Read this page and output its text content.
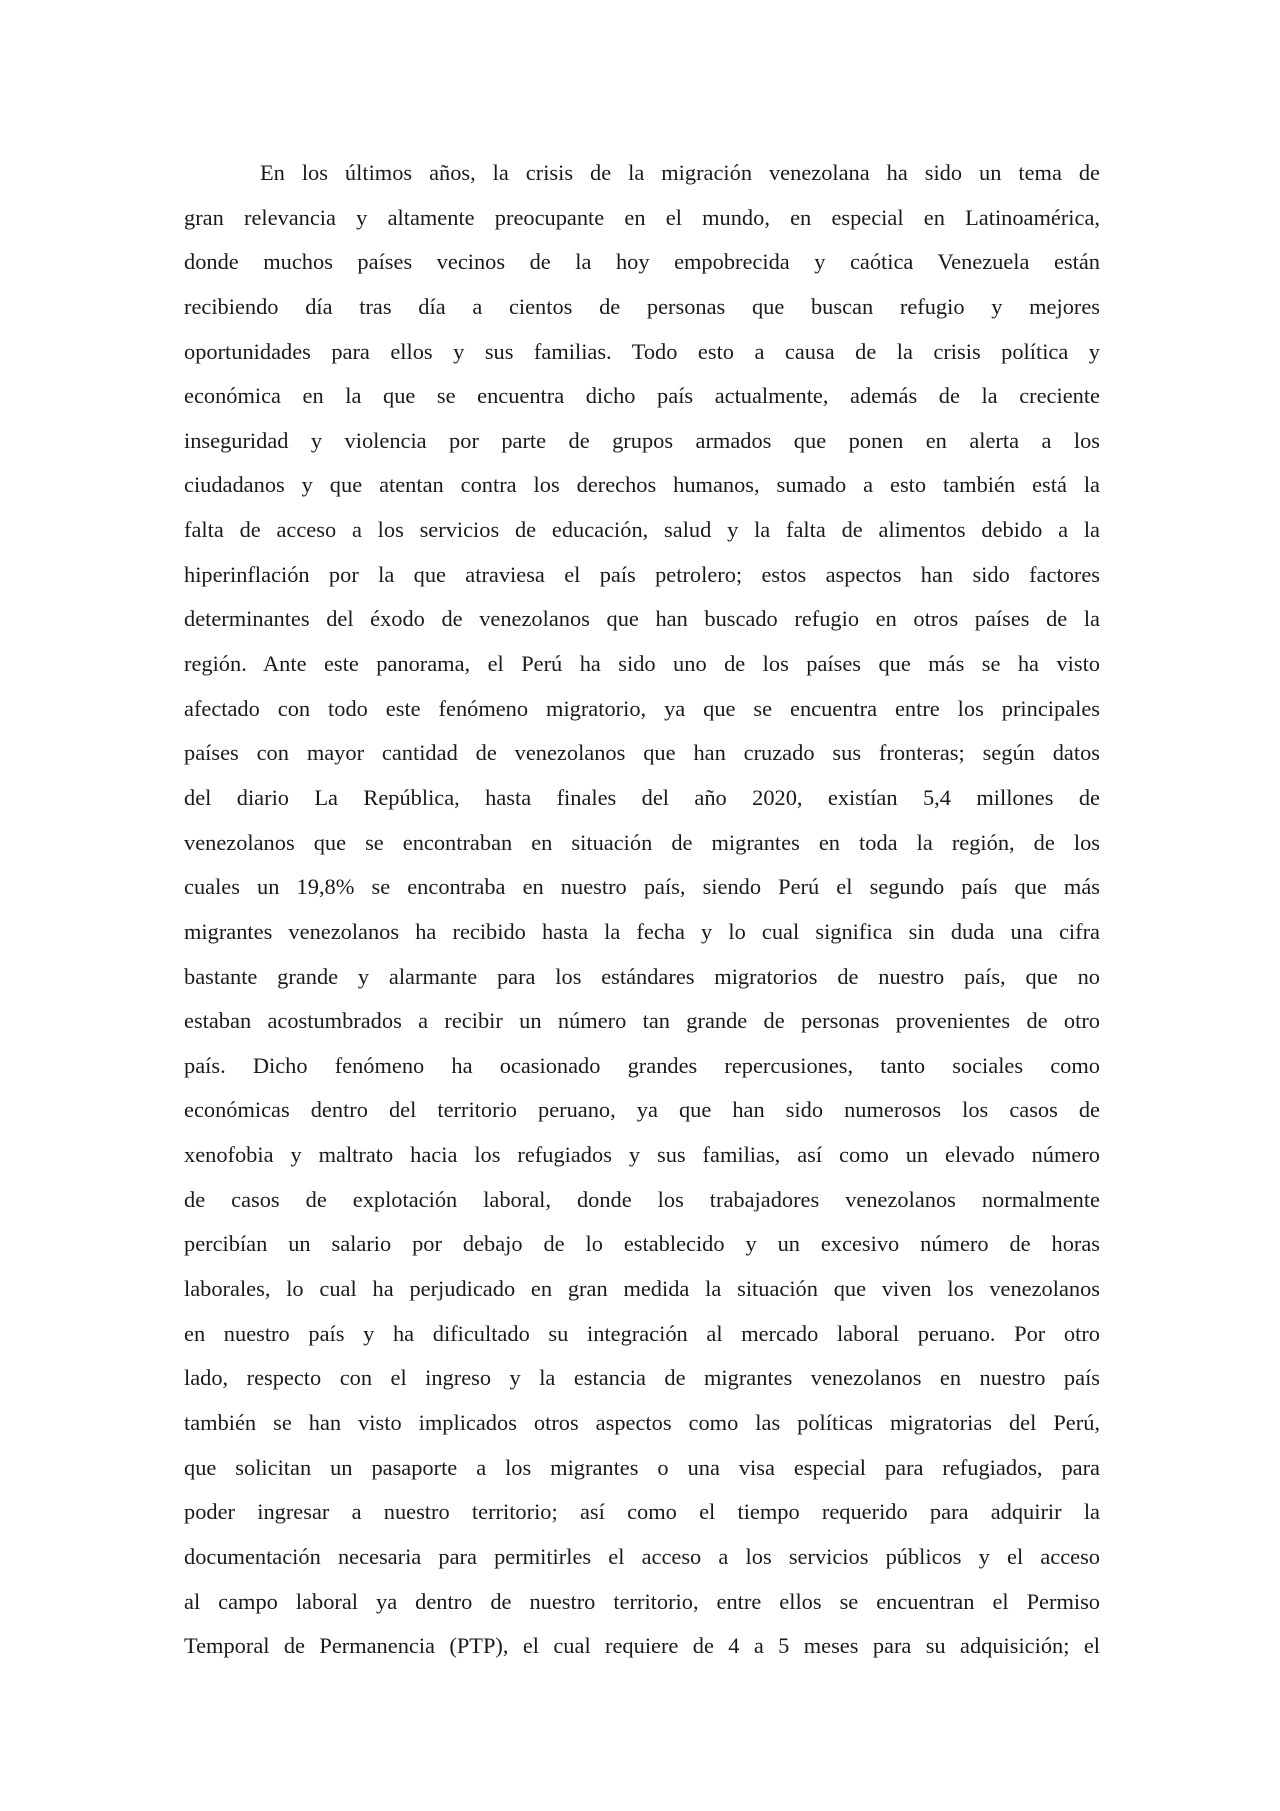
En los últimos años, la crisis de la migración venezolana ha sido un tema de
gran relevancia y altamente preocupante en el mundo, en especial en Latinoamérica,
donde muchos países vecinos de la hoy empobrecida y caótica Venezuela están
recibiendo día tras día a cientos de personas que buscan refugio y mejores
oportunidades para ellos y sus familias. Todo esto a causa de la crisis política y
económica en la que se encuentra dicho país actualmente, además de la creciente
inseguridad y violencia por parte de grupos armados que ponen en alerta a los
ciudadanos y que atentan contra los derechos humanos, sumado a esto también está la
falta de acceso a los servicios de educación, salud y la falta de alimentos debido a la
hiperinflación por la que atraviesa el país petrolero; estos aspectos han sido factores
determinantes del éxodo de venezolanos que han buscado refugio en otros países de la
región. Ante este panorama, el Perú ha sido uno de los países que más se ha visto
afectado con todo este fenómeno migratorio, ya que se encuentra entre los principales
países con mayor cantidad de venezolanos que han cruzado sus fronteras; según datos
del diario La República, hasta finales del año 2020, existían 5,4 millones de
venezolanos que se encontraban en situación de migrantes en toda la región, de los
cuales un 19,8% se encontraba en nuestro país, siendo Perú el segundo país que más
migrantes venezolanos ha recibido hasta la fecha y lo cual significa sin duda una cifra
bastante grande y alarmante para los estándares migratorios de nuestro país, que no
estaban acostumbrados a recibir un número tan grande de personas provenientes de otro
país. Dicho fenómeno ha ocasionado grandes repercusiones, tanto sociales como
económicas dentro del territorio peruano, ya que han sido numerosos los casos de
xenofobia y maltrato hacia los refugiados y sus familias, así como un elevado número
de casos de explotación laboral, donde los trabajadores venezolanos normalmente
percibían un salario por debajo de lo establecido y un excesivo número de horas
laborales, lo cual ha perjudicado en gran medida la situación que viven los venezolanos
en nuestro país y ha dificultado su integración al mercado laboral peruano. Por otro
lado, respecto con el ingreso y la estancia de migrantes venezolanos en nuestro país
también se han visto implicados otros aspectos como las políticas migratorias del Perú,
que solicitan un pasaporte a los migrantes o una visa especial para refugiados, para
poder ingresar a nuestro territorio; así como el tiempo requerido para adquirir la
documentación necesaria para permitirles el acceso a los servicios públicos y el acceso
al campo laboral ya dentro de nuestro territorio, entre ellos se encuentran el Permiso
Temporal de Permanencia (PTP), el cual requiere de 4 a 5 meses para su adquisición; el
